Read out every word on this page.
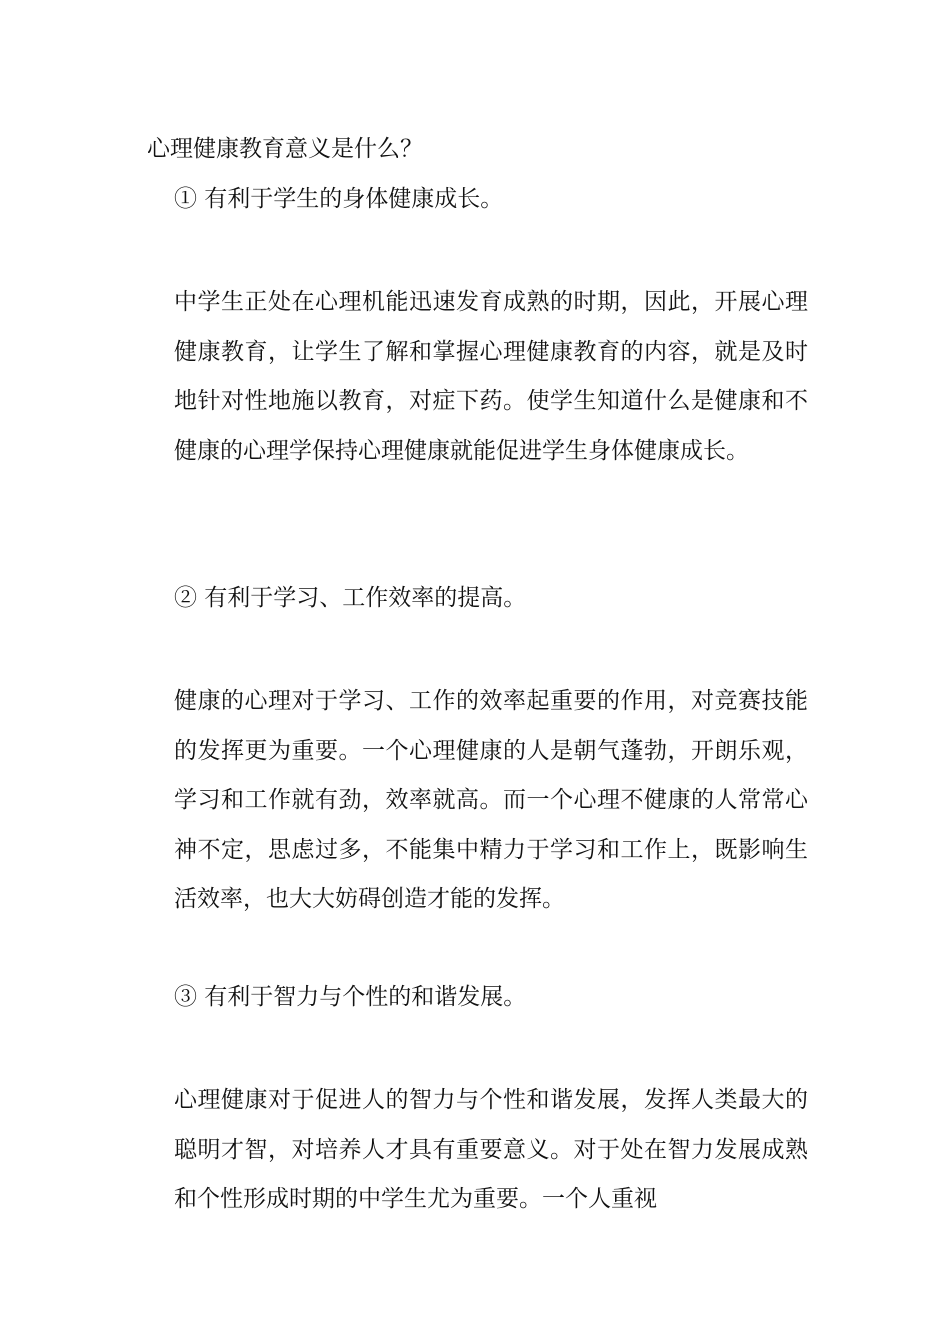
心理健康教育意义是什么？
① 有利于学生的身体健康成长。

中学生正处在心理机能迅速发育成熟的时期，因此，开展心理健康教育，让学生了解和掌握心理健康教育的内容，就是及时地针对性地施以教育，对症下药。使学生知道什么是健康和不健康的心理学保持心理健康就能促进学生身体健康成长。

② 有利于学习、工作效率的提高。

健康的心理对于学习、工作的效率起重要的作用，对竞赛技能的发挥更为重要。一个心理健康的人是朝气蓬勃，开朗乐观，学习和工作就有劲，效率就高。而一个心理不健康的人常常心神不定，思虑过多，不能集中精力于学习和工作上，既影响生活效率，也大大妨碍创造才能的发挥。

③ 有利于智力与个性的和谐发展。

心理健康对于促进人的智力与个性和谐发展，发挥人类最大的聪明才智，对培养人才具有重要意义。对于处在智力发展成熟和个性形成时期的中学生尤为重要。一个人重视
